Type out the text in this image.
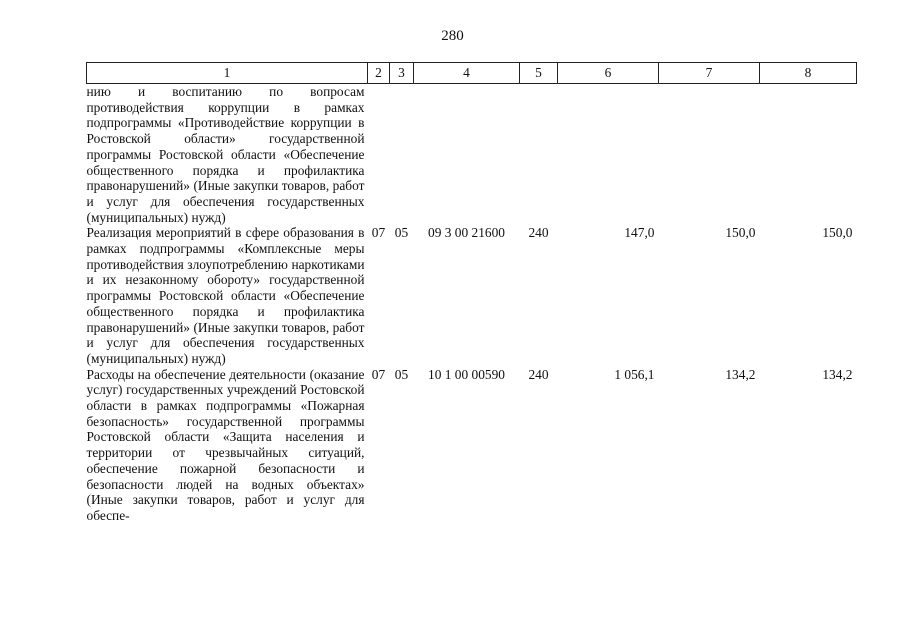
280
1	2	3	4	5	6	7	8
нию и воспитанию по вопросам противодействия коррупции в рамках подпрограммы «Противодействие коррупции в Ростовской области» государственной программы Ростовской области «Обеспечение общественного порядка и профилактика правонарушений» (Иные закупки товаров, работ и услуг для обеспечения государственных (муниципальных) нужд)							
Реализация мероприятий в сфере образования в рамках подпрограммы «Комплексные меры противодействия злоупотреблению наркотиками и их незаконному обороту» государственной программы Ростовской области «Обеспечение общественного порядка и профилактика правонарушений» (Иные закупки товаров, работ и услуг для обеспечения государственных (муниципальных) нужд)	07	05	09 3 00 21600	240	147,0	150,0	150,0
Расходы на обеспечение деятельности (оказание услуг) государственных учреждений Ростовской области в рамках подпрограммы «Пожарная безопасность» государственной программы Ростовской области «Защита населения и территории от чрезвычайных ситуаций, обеспечение пожарной безопасности и безопасности людей на водных объектах» (Иные закупки товаров, работ и услуг для обеспе-	07	05	10 1 00 00590	240	1 056,1	134,2	134,2
